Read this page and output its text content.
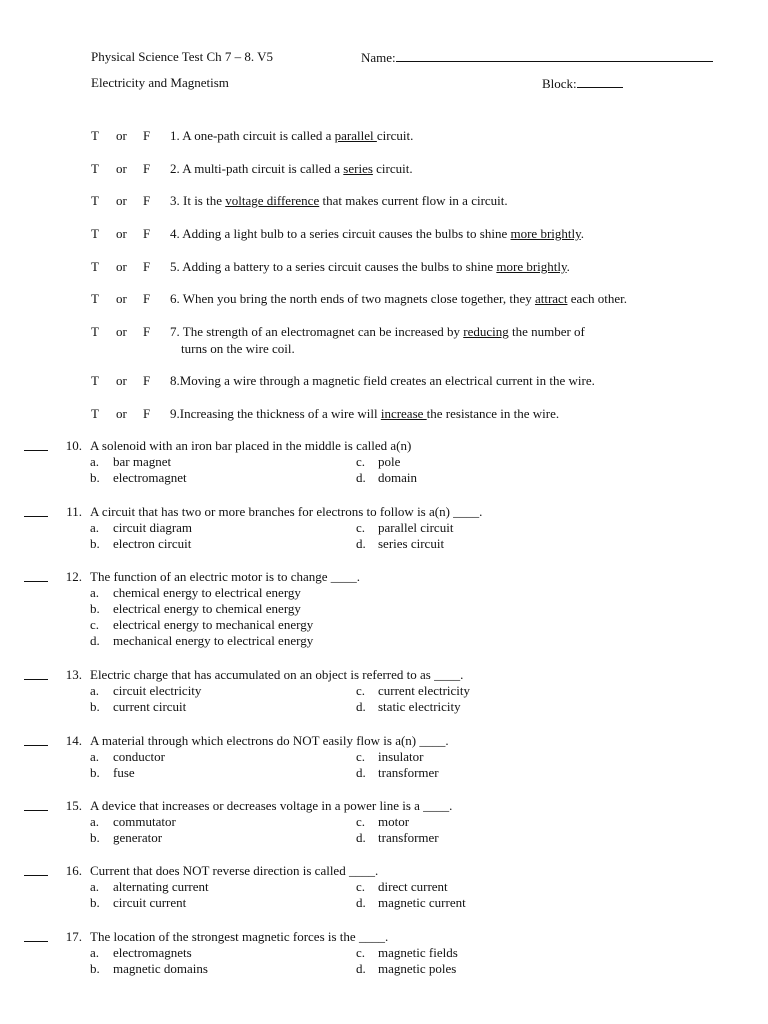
Physical Science Test Ch 7 – 8. V5	Name:
Electricity and Magnetism	Block:
T or F 1. A one-path circuit is called a parallel circuit.
T or F 2. A multi-path circuit is called a series circuit.
T or F 3. It is the voltage difference that makes current flow in a circuit.
T or F 4. Adding a light bulb to a series circuit causes the bulbs to shine more brightly.
T or F 5. Adding a battery to a series circuit causes the bulbs to shine more brightly.
T or F 6. When you bring the north ends of two magnets close together, they attract each other.
T or F 7. The strength of an electromagnet can be increased by reducing the number of
turns on the wire coil.
T or F 8.Moving a wire through a magnetic field creates an electrical current in the wire.
T or F 9.Increasing the thickness of a wire will increase the resistance in the wire.
10. A solenoid with an iron bar placed in the middle is called a(n)
a.	bar magnet
b.	electromagnet
c. pole
d. domain
11. A circuit that has two or more branches for electrons to follow is a(n) ____.
a.	circuit diagram
b.	electron circuit
c. parallel circuit
d. series circuit
12. The function of an electric motor is to change ____.
a.	chemical energy to electrical energy
b.	electrical energy to chemical energy
c.	electrical energy to mechanical energy
d.	mechanical energy to electrical energy
13. Electric charge that has accumulated on an object is referred to as ____.
a.	circuit electricity
b.	current circuit
c. current electricity
d. static electricity
14. A material through which electrons do NOT easily flow is a(n) ____.
a.	conductor
b.	fuse
c. insulator
d. transformer
15. A device that increases or decreases voltage in a power line is a ____.
a.	commutator
b.	generator
c. motor
d. transformer
16. Current that does NOT reverse direction is called ____.
a.	alternating current
b.	circuit current
c. direct current
d. magnetic current
17. The location of the strongest magnetic forces is the ____.
a.	electromagnets
b.	magnetic domains
c. magnetic fields
d. magnetic poles
